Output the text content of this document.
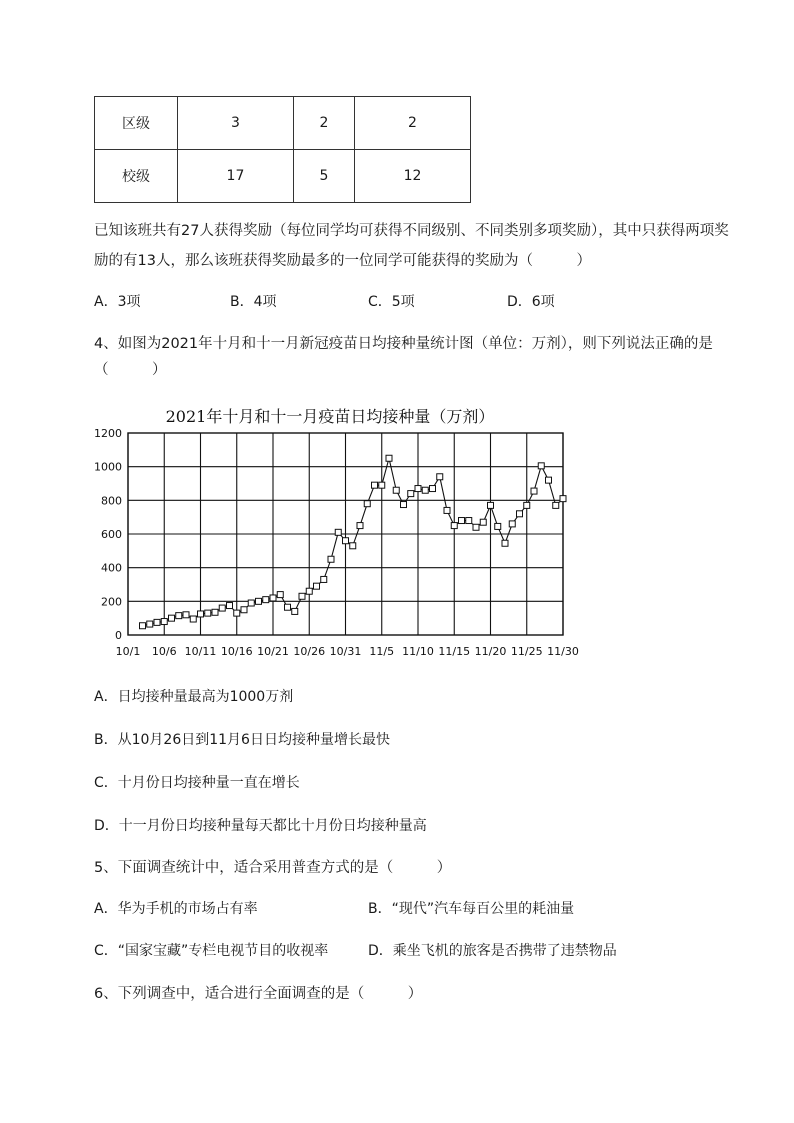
区级	3	2	2
校级	17	5	12
已知该班共有27人获得奖励（每位同学均可获得不同级别、不同类别多项奖励），其中只获得两项奖
励的有13人，那么该班获得奖励最多的一位同学可能获得的奖励为（　　　）
A．3项	B．4项	C．5项	D．6项
4、如图为2021年十月和十一月新冠疫苗日均接种量统计图（单位：万剂），则下列说法正确的是
（　　　）
2021年十月和十一月疫苗日均接种量（万剂）
0
200
400
600
800
1000
1200
10/1 10/6 10/11 10/16 10/21 10/26 10/31 11/5 11/10 11/15 11/20 11/25 11/30
A．日均接种量最高为1000万剂
B．从10月26日到11月6日日均接种量增长最快
C．十月份日均接种量一直在增长
D．十一月份日均接种量每天都比十月份日均接种量高
5、下面调查统计中，适合采用普查方式的是（　　　）
A．华为手机的市场占有率	B．“现代”汽车每百公里的耗油量
C．“国家宝藏”专栏电视节目的收视率	D．乘坐飞机的旅客是否携带了违禁物品
6、下列调查中，适合进行全面调查的是（　　　）
